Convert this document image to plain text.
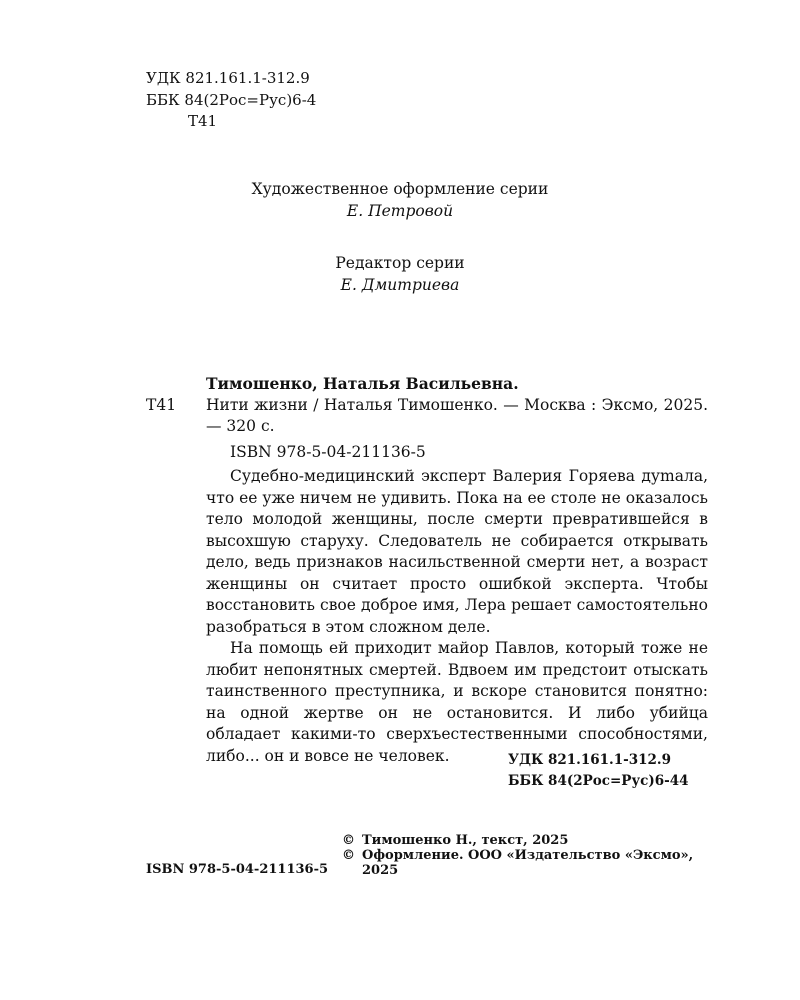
УДК 821.161.1-312.9
ББК 84(2Рос=Рус)6-4
Т41
Художественное оформление серии
Е. Петровой
Редактор серии
Е. Дмитриева
Тимошенко, Наталья Васильевна.
Т41 Нити жизни / Наталья Тимошенко. — Москва : Эксмо, 2025. — 320 с.
ISBN 978-5-04-211136-5

Судебно-медицинский эксперт Валерия Горяева дуmала, что ее уже ничем не удивить. Пока на ее столе не оказалось тело молодой женщины, после смерти превратившейся в высохшую старуху. Следователь не собирается открывать дело, ведь признаков насильственной смерти нет, а возраст женщины он считает просто ошибкой эксперта. Чтобы восстановить свое доброе имя, Лера решает самостоятельно разобраться в этом сложном деле.

На помощь ей приходит майор Павлов, который тоже не любит непонятных смертей. Вдвоем им предстоит отыскать таинственного преступника, и вскоре становится понятно: на одной жертве он не остановится. И либо убийца обладает какими-то сверхъестественными способностями, либо... он и вовсе не человек.	УДК 821.161.1-312.9
ББК 84(2Рос=Рус)6-44
© Тимошенко Н., текст, 2025
© Оформление. ООО «Издательство «Эксмо», 2025
ISBN 978-5-04-211136-5
